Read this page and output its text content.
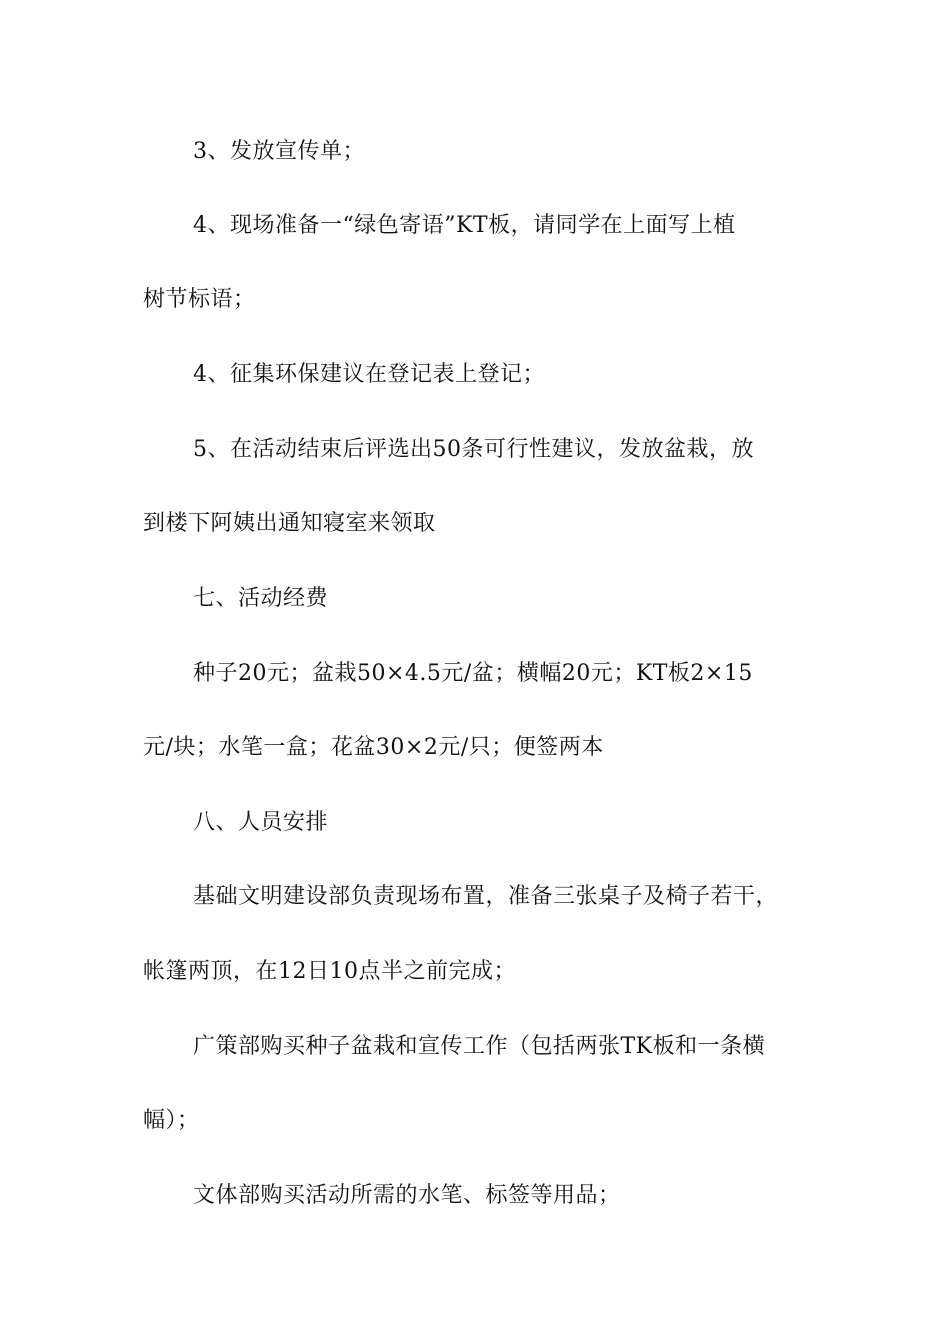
3、发放宣传单；

4、现场准备一“绿色寄语”KT板，请同学在上面写上植

树节标语；

4、征集环保建议在登记表上登记；

5、在活动结束后评选出50条可行性建议，发放盆栽，放

到楼下阿姨出通知寝室来领取

七、活动经费

种子20元；盆栽50×4.5元/盆；横幅20元；KT板2×15

元/块；水笔一盒；花盆30×2元/只；便签两本

八、人员安排

基础文明建设部负责现场布置，准备三张桌子及椅子若干，

帐篷两顶，在12日10点半之前完成；

广策部购买种子盆栽和宣传工作（包括两张TK板和一条横

幅）；

文体部购买活动所需的水笔、标签等用品；
